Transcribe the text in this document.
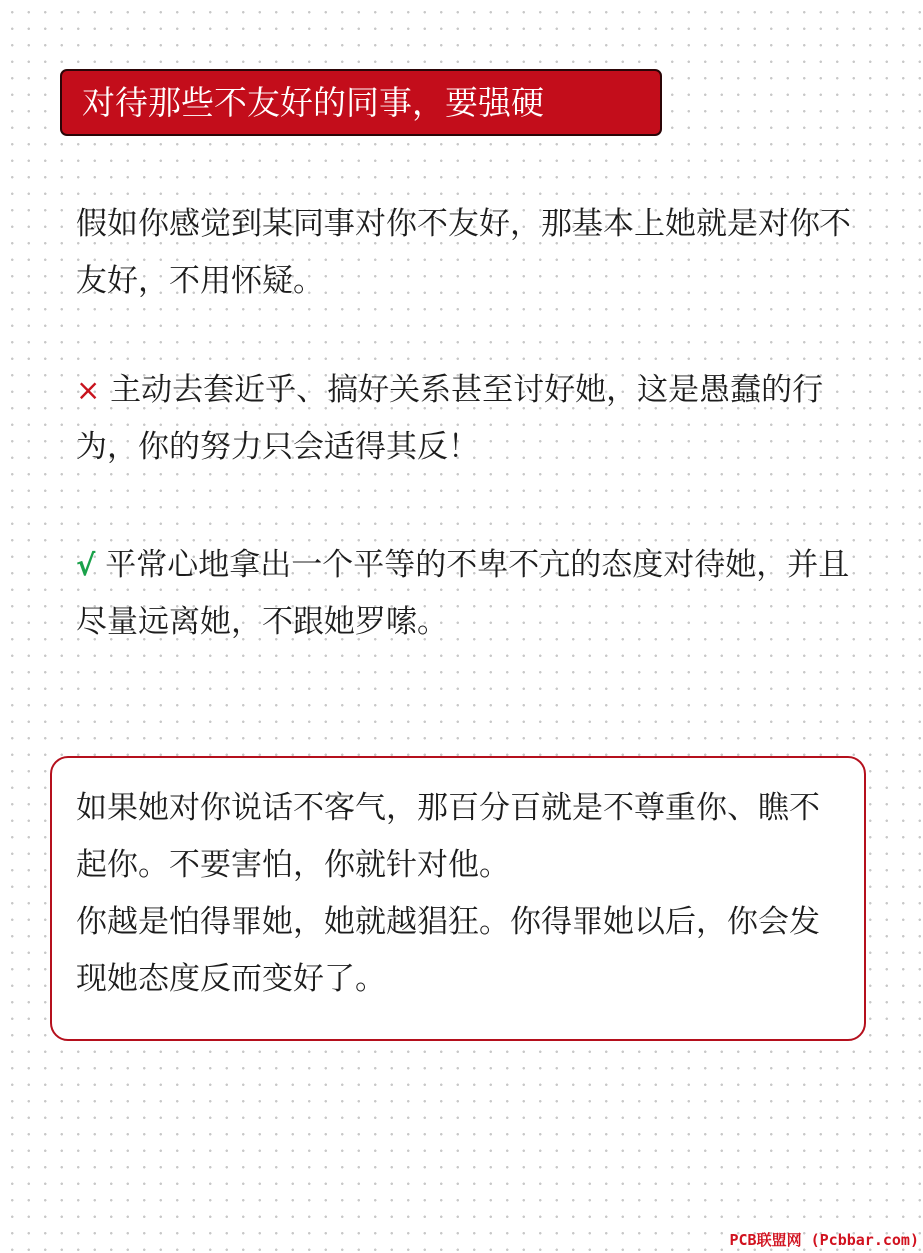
对待那些不友好的同事，要强硬

假如你感觉到某同事对你不友好，那基本上她就是对你不友好，不用怀疑。

× 主动去套近乎、搞好关系甚至讨好她，这是愚蠢的行为，你的努力只会适得其反！

√ 平常心地拿出一个平等的不卑不亢的态度对待她，并且尽量远离她，不跟她罗嗦。

如果她对你说话不客气，那百分百就是不尊重你、瞧不起你。不要害怕，你就针对他。
你越是怕得罪她，她就越猖狂。你得罪她以后，你会发现她态度反而变好了。

PCB联盟网 (Pcbbar.com)
